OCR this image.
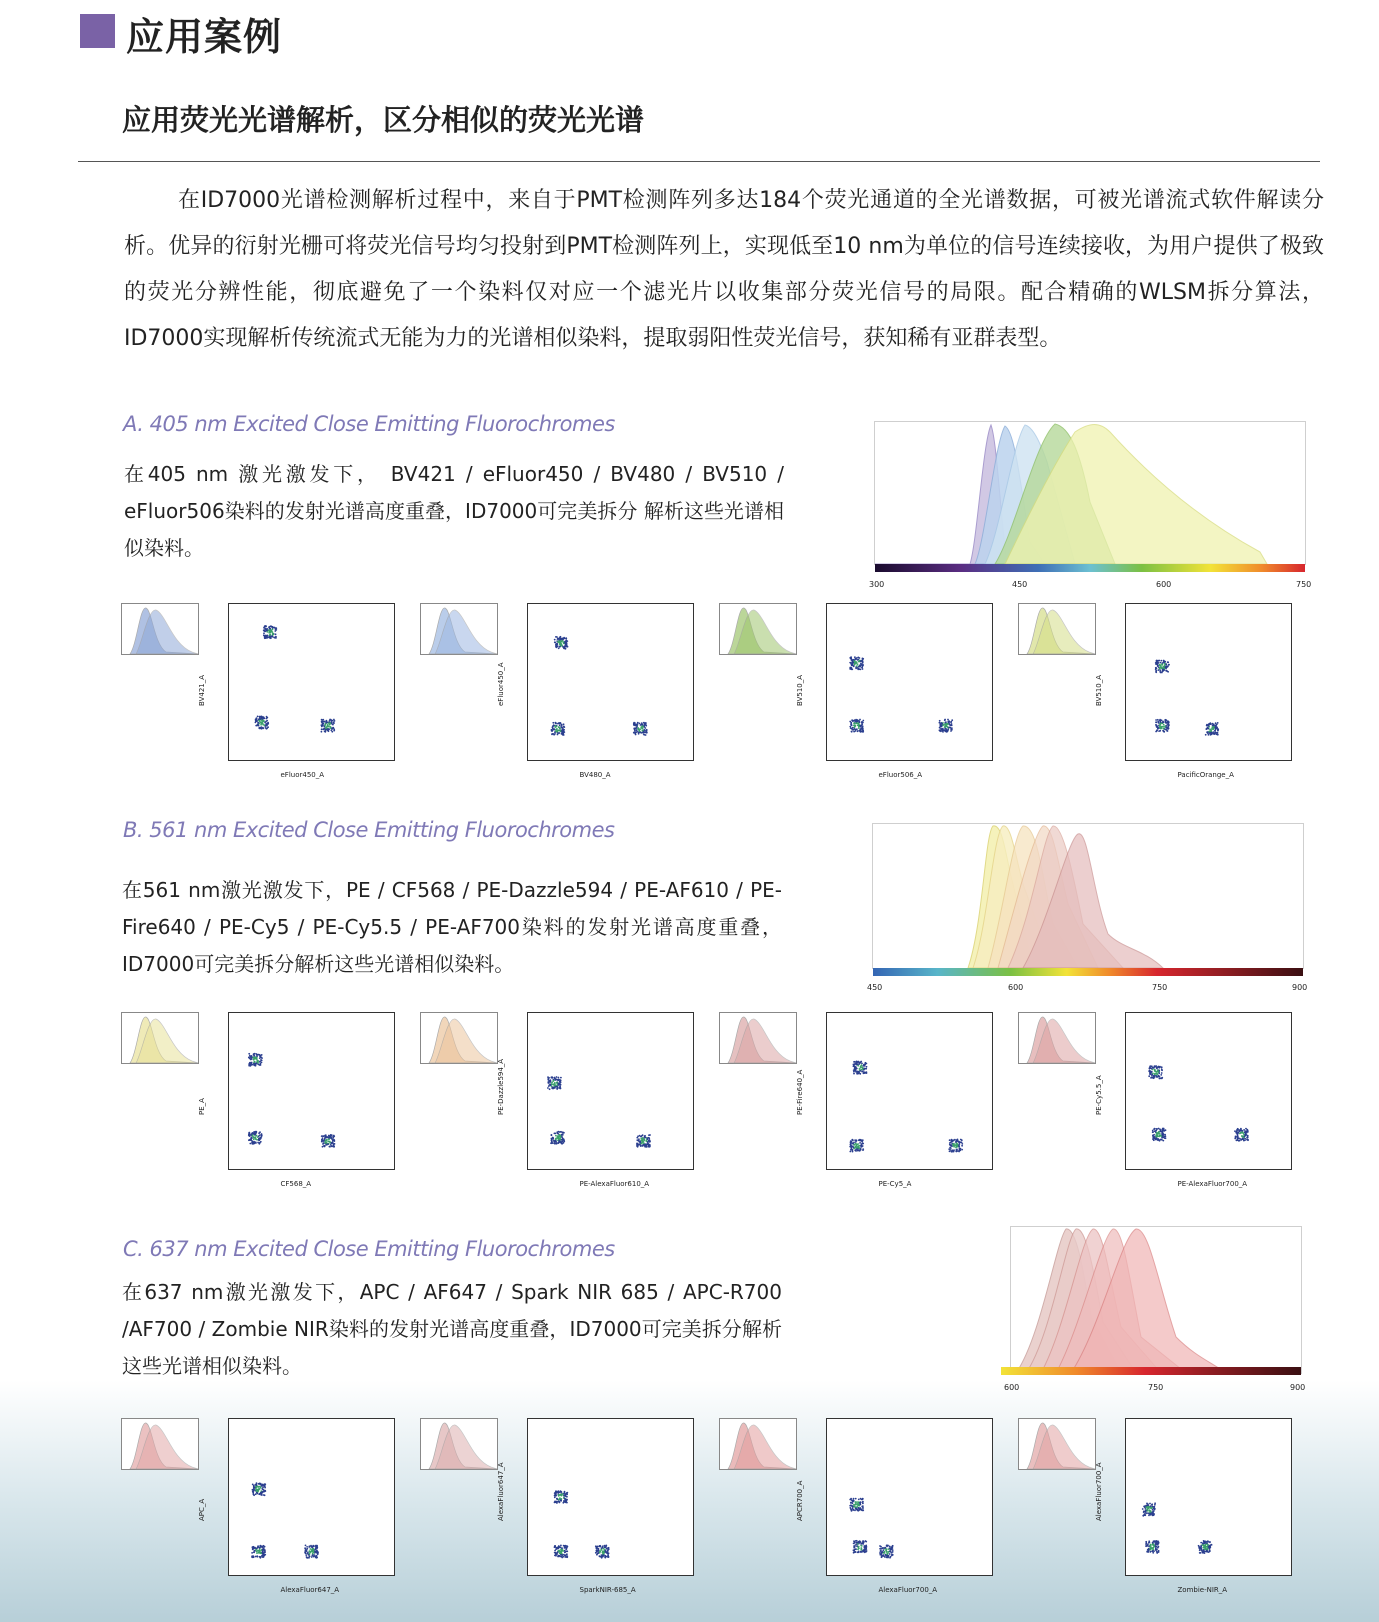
应用案例
应用荧光光谱解析，区分相似的荧光光谱
在ID7000光谱检测解析过程中，来自于PMT检测阵列多达184个荧光通道的全光谱数据，可被光谱流式软件解读分析。优异的衍射光栅可将荧光信号均匀投射到PMT检测阵列上，实现低至10 nm为单位的信号连续接收，为用户提供了极致的荧光分辨性能，彻底避免了一个染料仅对应一个滤光片以收集部分荧光信号的局限。配合精确的WLSM拆分算法，ID7000实现解析传统流式无能为力的光谱相似染料，提取弱阳性荧光信号，获知稀有亚群表型。
A. 405 nm Excited Close Emitting Fluorochromes
在405 nm 激光激发下， BV421 / eFluor450 / BV480 / BV510 / eFluor506染料的发射光谱高度重叠，ID7000可完美拆分 解析这些光谱相似染料。
300	450	600	750
B. 561 nm Excited Close Emitting Fluorochromes
在561 nm激光激发下，PE / CF568 / PE-Dazzle594 / PE-AF610 / PE-Fire640 / PE-Cy5 / PE-Cy5.5 / PE-AF700染料的发射光谱高度重叠，ID7000可完美拆分解析这些光谱相似染料。
450	600	750	900
C. 637 nm Excited Close Emitting Fluorochromes
在637 nm激光激发下，APC / AF647 / Spark NIR 685 / APC-R700 /AF700 / Zombie NIR染料的发射光谱高度重叠，ID7000可完美拆分解析这些光谱相似染料。
600	750	900
BV421_A
eFluor450_A
eFluor450_A
BV480_A
BV510_A
eFluor506_A
BV510_A
PacificOrange_A
PE_A
CF568_A
PE-Dazzle594_A
PE-AlexaFluor610_A
PE-Fire640_A
PE-Cy5_A
PE-Cy5.5_A
PE-AlexaFluor700_A
APC_A
AlexaFluor647_A
AlexaFluor647_A
SparkNIR-685_A
APCR700_A
AlexaFluor700_A
AlexaFluor700_A
Zombie-NIR_A
